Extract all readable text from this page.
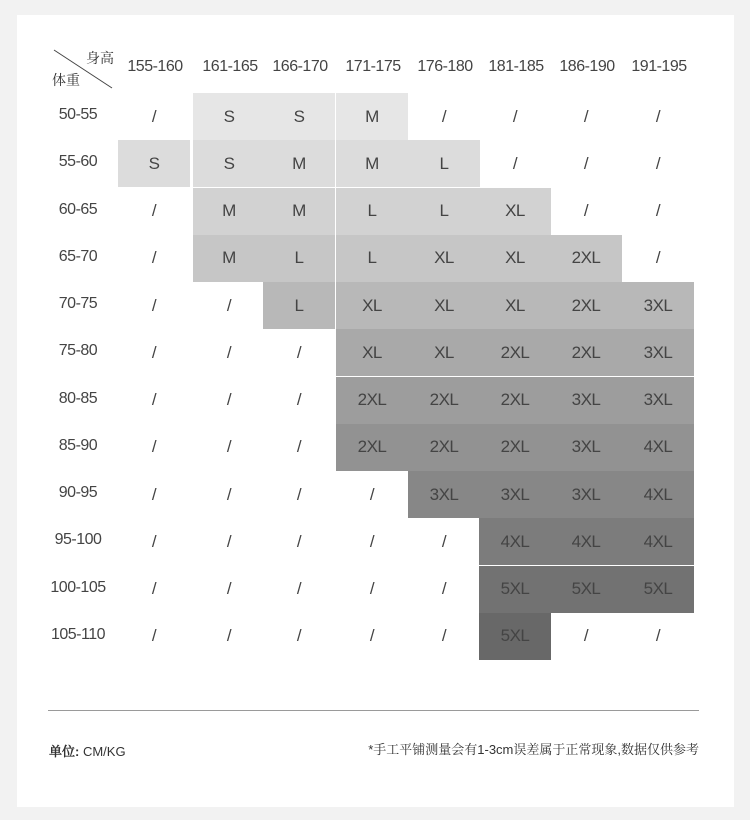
身高
体重
155-160	161-165 166-170	171-175	176-180 181-185 186-190	191-195
50-55	/	S	S	M	/	/	/	/
55-60	S	S	M	M	L	/	/	/
60-65	/	M	M	L	L	XL	/	/
65-70	/	M	L	L	XL	XL	2XL	/
70-75	/	/	L	XL	XL	XL	2XL	3XL
75-80	/	/	/	XL	XL	2XL	2XL	3XL
80-85	/	/	/	2XL	2XL	2XL	3XL	3XL
85-90	/	/	/	2XL	2XL	2XL	3XL	4XL
90-95	/	/	/	/	3XL	3XL	3XL	4XL
95-100	/	/	/	/	/	4XL	4XL	4XL
100-105	/	/	/	/	/	5XL	5XL	5XL
105-110	/	/	/	/	/	5XL	/	/
单位: CM/KG	*手工平铺测量会有1-3cm误差属于正常现象,数据仅供参考
